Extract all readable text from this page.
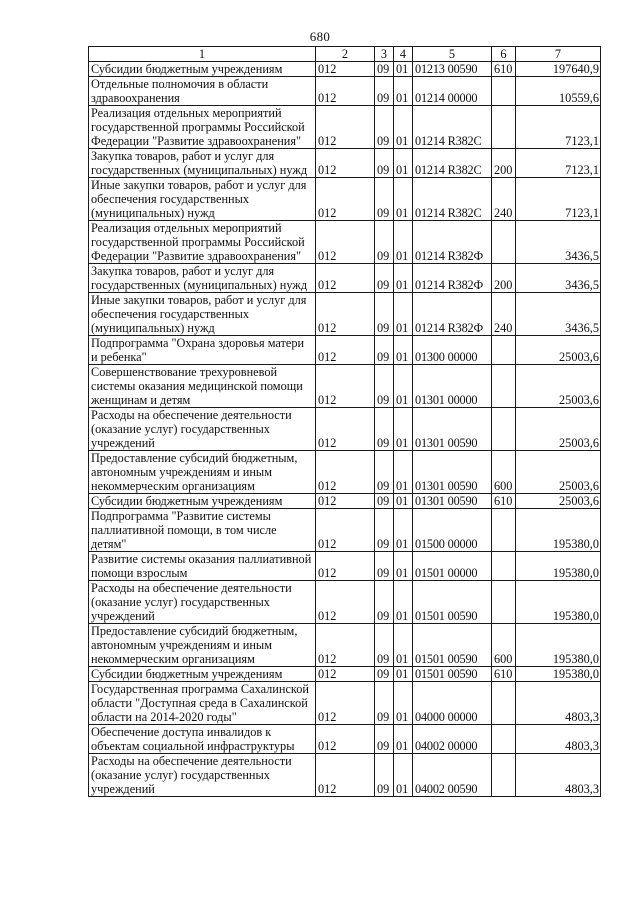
680
1	2	3	4	5	6	7
Субсидии бюджетным учреждениям	012	09	01	01213 00590	610	197640,9
Отдельные полномочия в области здравоохранения	012	09	01	01214 00000		10559,6
Реализация отдельных мероприятий государственной программы Российской Федерации "Развитие здравоохранения"	012	09	01	01214 R382C		7123,1
Закупка товаров, работ и услуг для государственных (муниципальных) нужд	012	09	01	01214 R382C	200	7123,1
Иные закупки товаров, работ и услуг для обеспечения государственных (муниципальных) нужд	012	09	01	01214 R382C	240	7123,1
Реализация отдельных мероприятий государственной программы Российской Федерации "Развитие здравоохранения"	012	09	01	01214 R382Ф		3436,5
Закупка товаров, работ и услуг для государственных (муниципальных) нужд	012	09	01	01214 R382Ф	200	3436,5
Иные закупки товаров, работ и услуг для обеспечения государственных (муниципальных) нужд	012	09	01	01214 R382Ф	240	3436,5
Подпрограмма "Охрана здоровья матери и ребенка"	012	09	01	01300 00000		25003,6
Совершенствование трехуровневой системы оказания медицинской помощи женщинам и детям	012	09	01	01301 00000		25003,6
Расходы на обеспечение деятельности (оказание услуг) государственных учреждений	012	09	01	01301 00590		25003,6
Предоставление субсидий бюджетным, автономным учреждениям и иным некоммерческим организациям	012	09	01	01301 00590	600	25003,6
Субсидии бюджетным учреждениям	012	09	01	01301 00590	610	25003,6
Подпрограмма "Развитие системы паллиативной помощи, в том числе детям"	012	09	01	01500 00000		195380,0
Развитие системы оказания паллиативной помощи взрослым	012	09	01	01501 00000		195380,0
Расходы на обеспечение деятельности (оказание услуг) государственных учреждений	012	09	01	01501 00590		195380,0
Предоставление субсидий бюджетным, автономным учреждениям и иным некоммерческим организациям	012	09	01	01501 00590	600	195380,0
Субсидии бюджетным учреждениям	012	09	01	01501 00590	610	195380,0
Государственная программа Сахалинской области "Доступная среда в Сахалинской области на 2014-2020 годы"	012	09	01	04000 00000		4803,3
Обеспечение доступа инвалидов к объектам социальной инфраструктуры	012	09	01	04002 00000		4803,3
Расходы на обеспечение деятельности (оказание услуг) государственных учреждений	012	09	01	04002 00590		4803,3
